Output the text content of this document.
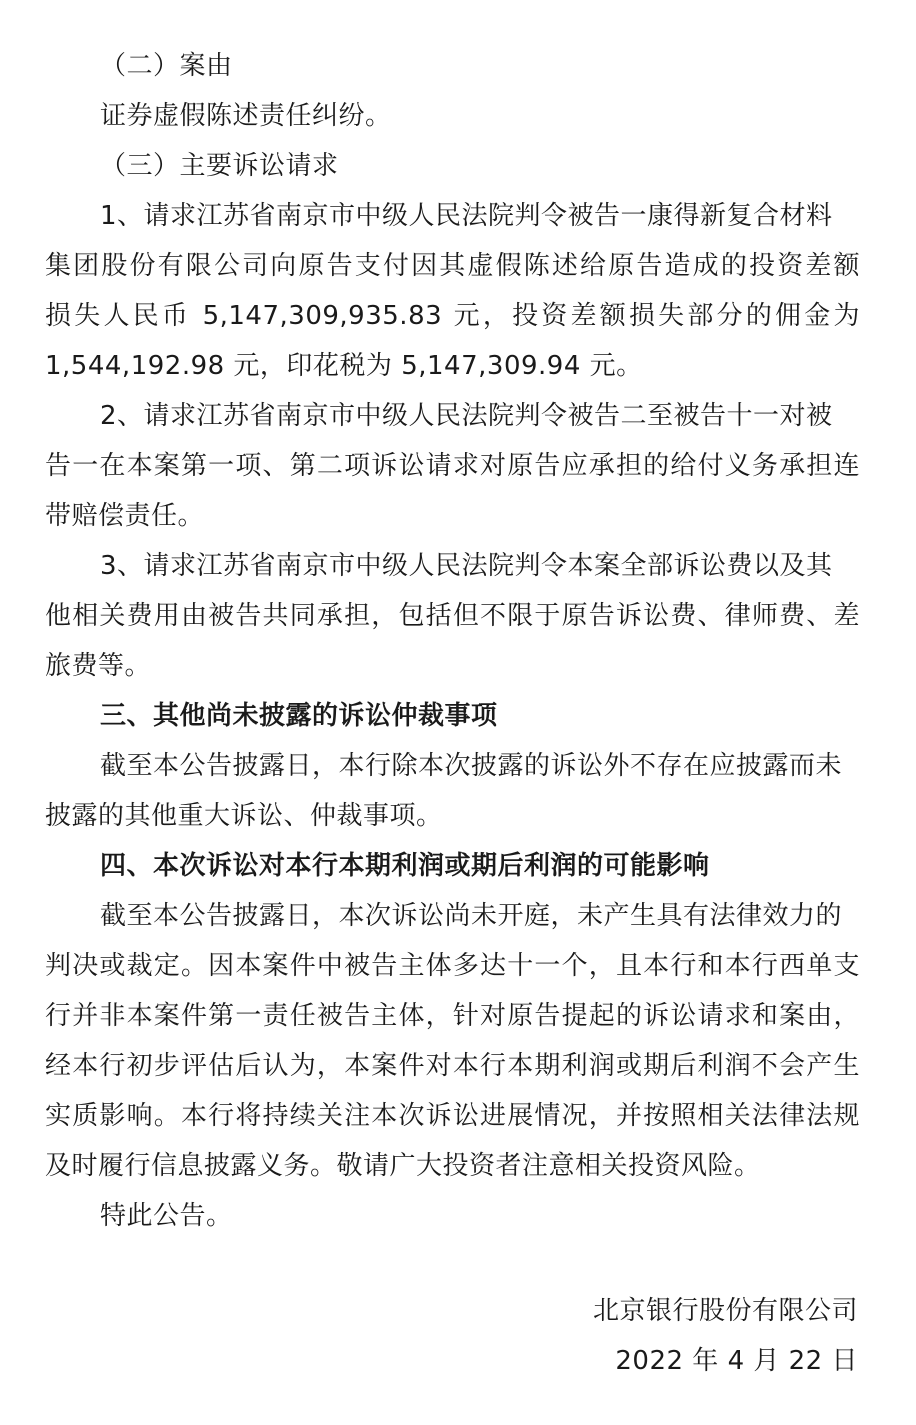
（二）案由
证券虚假陈述责任纠纷。
（三）主要诉讼请求
1、请求江苏省南京市中级人民法院判令被告一康得新复合材料
集团股份有限公司向原告支付因其虚假陈述给原告造成的投资差额
损失人民币 5,147,309,935.83 元，投资差额损失部分的佣金为
1,544,192.98 元，印花税为 5,147,309.94 元。
2、请求江苏省南京市中级人民法院判令被告二至被告十一对被
告一在本案第一项、第二项诉讼请求对原告应承担的给付义务承担连
带赔偿责任。
3、请求江苏省南京市中级人民法院判令本案全部诉讼费以及其
他相关费用由被告共同承担，包括但不限于原告诉讼费、律师费、差
旅费等。
三、其他尚未披露的诉讼仲裁事项
截至本公告披露日，本行除本次披露的诉讼外不存在应披露而未
披露的其他重大诉讼、仲裁事项。
四、本次诉讼对本行本期利润或期后利润的可能影响
截至本公告披露日，本次诉讼尚未开庭，未产生具有法律效力的
判决或裁定。因本案件中被告主体多达十一个，且本行和本行西单支
行并非本案件第一责任被告主体，针对原告提起的诉讼请求和案由，
经本行初步评估后认为，本案件对本行本期利润或期后利润不会产生
实质影响。本行将持续关注本次诉讼进展情况，并按照相关法律法规
及时履行信息披露义务。敬请广大投资者注意相关投资风险。
特此公告。
北京银行股份有限公司
2022 年 4 月 22 日
